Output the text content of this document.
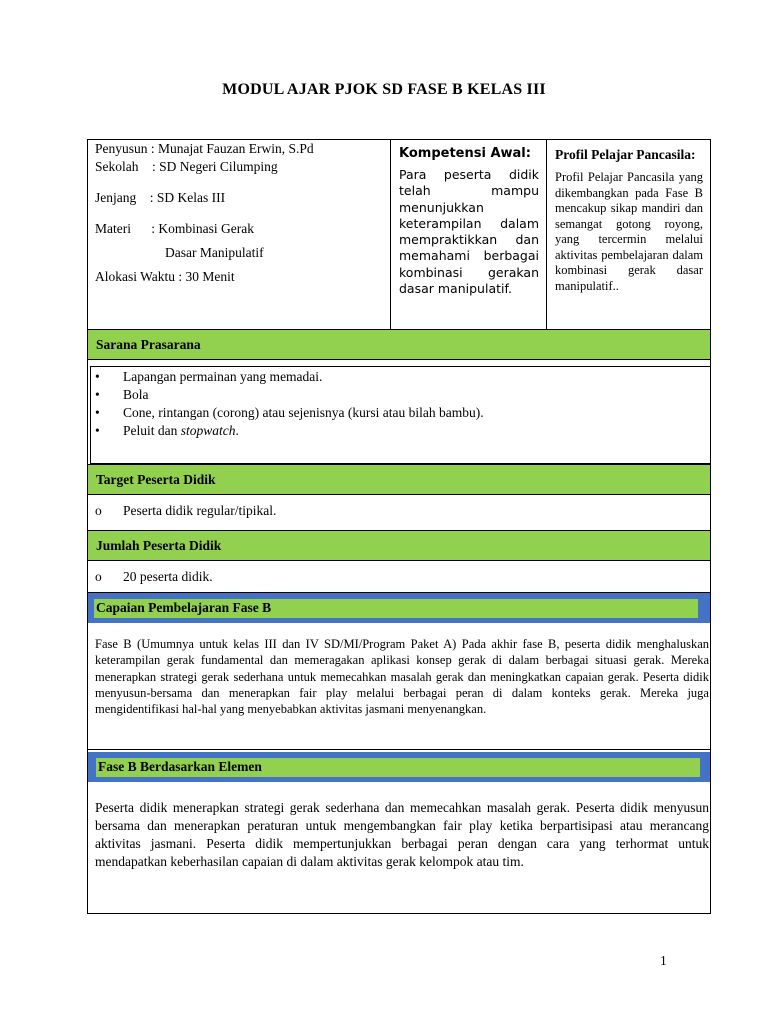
MODUL AJAR PJOK SD FASE B KELAS III
Penyusun : Munajat Fauzan Erwin, S.Pd
Sekolah    : SD Negeri Cilumping
Jenjang    : SD Kelas III
Materi      : Kombinasi Gerak
Dasar Manipulatif
Alokasi Waktu : 30 Menit
Kompetensi Awal:
Para peserta didik telah mampu menunjukkan keterampilan dalam mempraktikkan dan memahami berbagai kombinasi gerakan dasar manipulatif.
Profil Pelajar Pancasila:
Profil Pelajar Pancasila yang dikembangkan pada Fase B mencakup sikap mandiri dan semangat gotong royong, yang tercermin melalui aktivitas pembelajaran dalam kombinasi gerak dasar manipulatif..
Sarana Prasarana
• Lapangan permainan yang memadai.
• Bola
• Cone, rintangan (corong) atau sejenisnya (kursi atau bilah bambu).
• Peluit dan stopwatch.
Target Peserta Didik
o Peserta didik regular/tipikal.
Jumlah Peserta Didik
o 20 peserta didik.
Capaian Pembelajaran Fase B
Fase B (Umumnya untuk kelas III dan IV SD/MI/Program Paket A) Pada akhir fase B, peserta didik menghaluskan keterampilan gerak fundamental dan memeragakan aplikasi konsep gerak di dalam berbagai situasi gerak. Mereka menerapkan strategi gerak sederhana untuk memecahkan masalah gerak dan meningkatkan capaian gerak. Peserta didik menyusun-bersama dan menerapkan fair play melalui berbagai peran di dalam konteks gerak. Mereka juga mengidentifikasi hal-hal yang menyebabkan aktivitas jasmani menyenangkan.
Fase B Berdasarkan Elemen
Peserta didik menerapkan strategi gerak sederhana dan memecahkan masalah gerak. Peserta didik menyusun bersama dan menerapkan peraturan untuk mengembangkan fair play ketika berpartisipasi atau merancang aktivitas jasmani. Peserta didik mempertunjukkan berbagai peran dengan cara yang terhormat untuk mendapatkan keberhasilan capaian di dalam aktivitas gerak kelompok atau tim.
1
